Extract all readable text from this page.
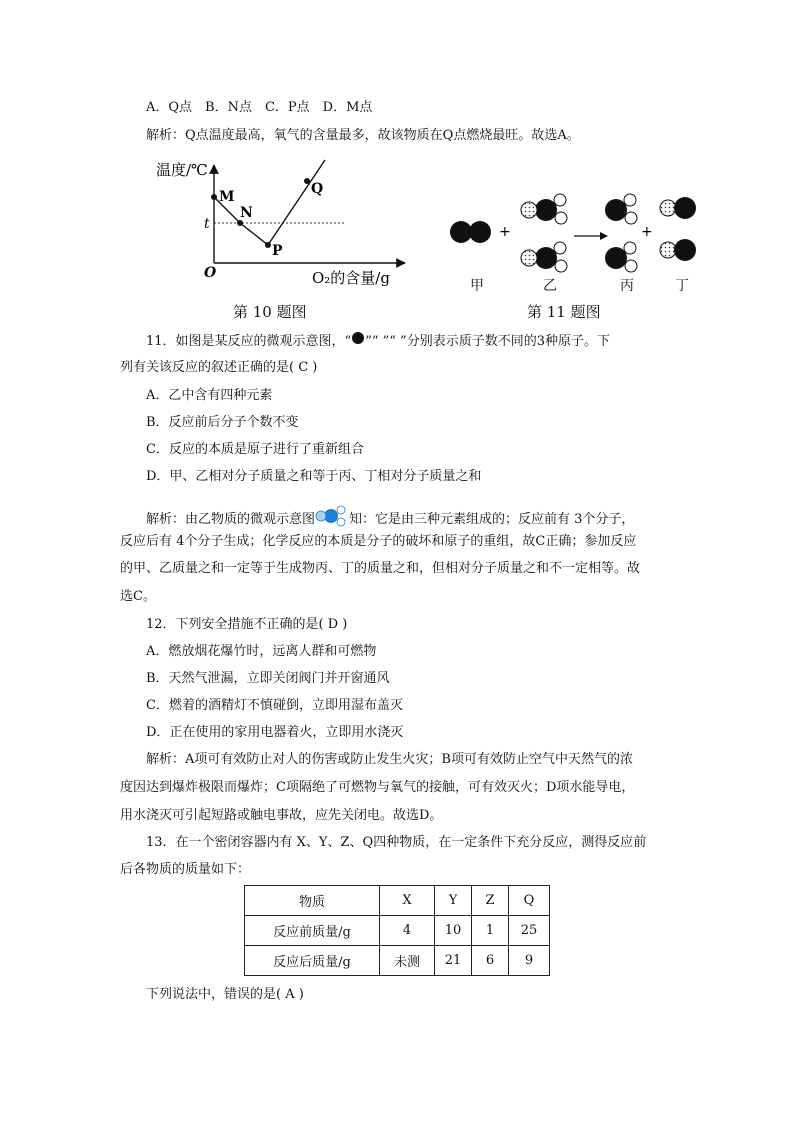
A．Q点　B．N点　C．P点　D．M点
解析：Q点温度最高，氧气的含量最多，故该物质在Q点燃烧最旺。故选A。
温度/℃
O
t
M
N
P
Q
O₂的含量/g
第 10 题图
+	+
甲	乙	丙	丁
第 11 题图
11．如图是某反应的微观示意图，“ ”“ ”“ ”分别表示质子数不同的3种原子。下
列有关该反应的叙述正确的是( C )
A．乙中含有四种元素
B．反应前后分子个数不变
C．反应的本质是原子进行了重新组合
D．甲、乙相对分子质量之和等于丙、丁相对分子质量之和
解析：由乙物质的微观示意图	知：它是由三种元素组成的；反应前有 3个分子，
反应后有 4个分子生成；化学反应的本质是分子的破坏和原子的重组，故C正确；参加反应
的甲、乙质量之和一定等于生成物丙、丁的质量之和，但相对分子质量之和不一定相等。故
选C。
12．下列安全措施不正确的是( D )
A．燃放烟花爆竹时，远离人群和可燃物
B．天然气泄漏，立即关闭阀门并开窗通风
C．燃着的酒精灯不慎碰倒，立即用湿布盖灭
D．正在使用的家用电器着火，立即用水浇灭
解析：A项可有效防止对人的伤害或防止发生火灾；B项可有效防止空气中天然气的浓
度因达到爆炸极限而爆炸；C项隔绝了可燃物与氧气的接触，可有效灭火；D项水能导电，
用水浇灭可引起短路或触电事故，应先关闭电。故选D。
13．在一个密闭容器内有 X、Y、Z、Q四种物质，在一定条件下充分反应，测得反应前
后各物质的质量如下：
物质	X	Y	Z	Q
反应前质量/g	4	10	1	25
反应后质量/g	未测	21	6	9
下列说法中，错误的是( A )
